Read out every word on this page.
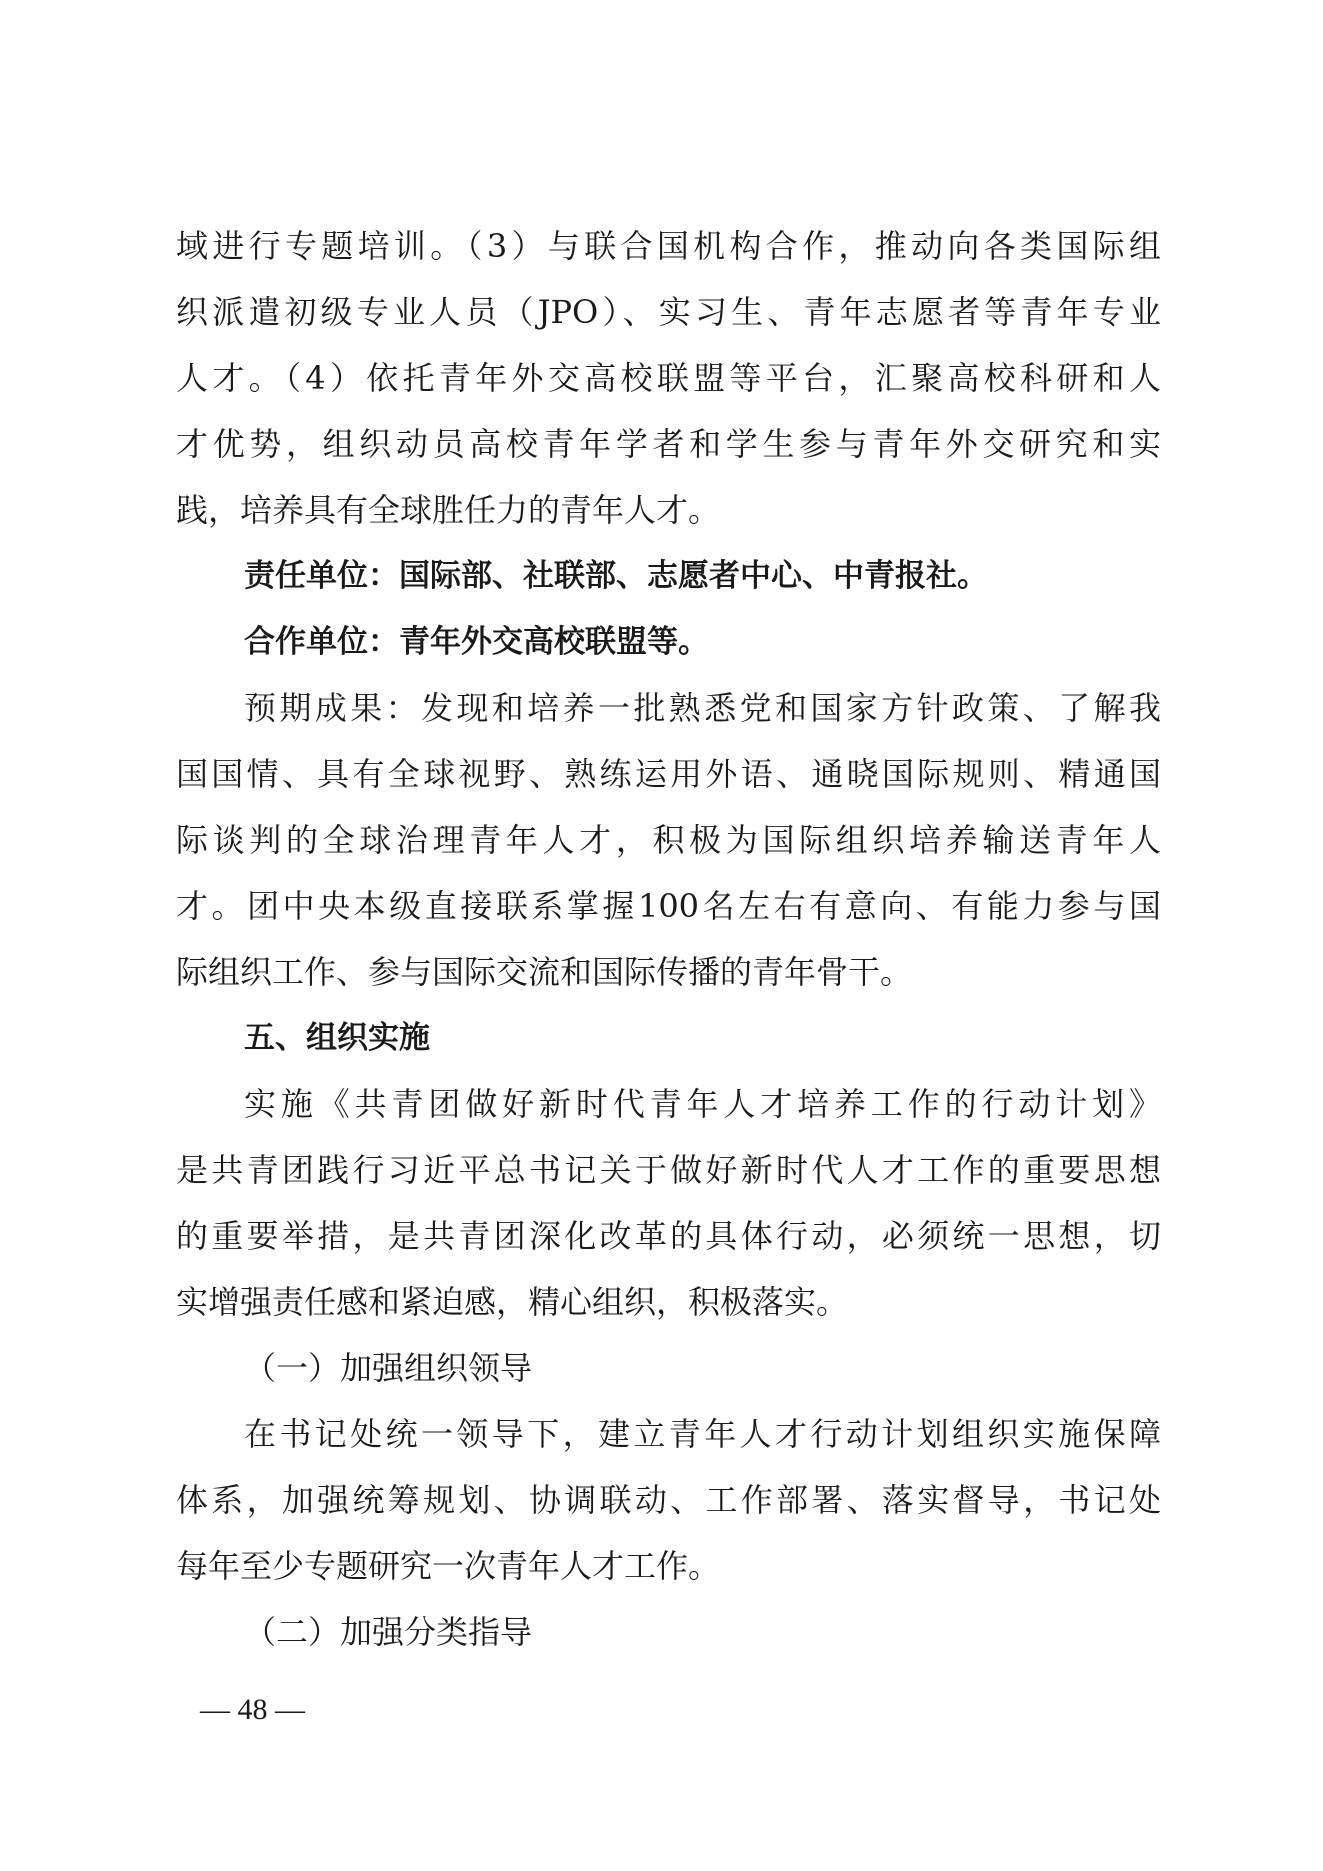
域进行专题培训。（3）与联合国机构合作，推动向各类国际组
织派遣初级专业人员（JPO）、实习生、青年志愿者等青年专业
人才。（4）依托青年外交高校联盟等平台，汇聚高校科研和人
才优势，组织动员高校青年学者和学生参与青年外交研究和实
践，培养具有全球胜任力的青年人才。
责任单位：国际部、社联部、志愿者中心、中青报社。
合作单位：青年外交高校联盟等。
预期成果：发现和培养一批熟悉党和国家方针政策、了解我
国国情、具有全球视野、熟练运用外语、通晓国际规则、精通国
际谈判的全球治理青年人才，积极为国际组织培养输送青年人
才。团中央本级直接联系掌握100名左右有意向、有能力参与国
际组织工作、参与国际交流和国际传播的青年骨干。
五、组织实施
实施《共青团做好新时代青年人才培养工作的行动计划》
是共青团践行习近平总书记关于做好新时代人才工作的重要思想
的重要举措，是共青团深化改革的具体行动，必须统一思想，切
实增强责任感和紧迫感，精心组织，积极落实。
（一）加强组织领导
在书记处统一领导下，建立青年人才行动计划组织实施保障
体系，加强统筹规划、协调联动、工作部署、落实督导，书记处
每年至少专题研究一次青年人才工作。
（二）加强分类指导
— 48 —
